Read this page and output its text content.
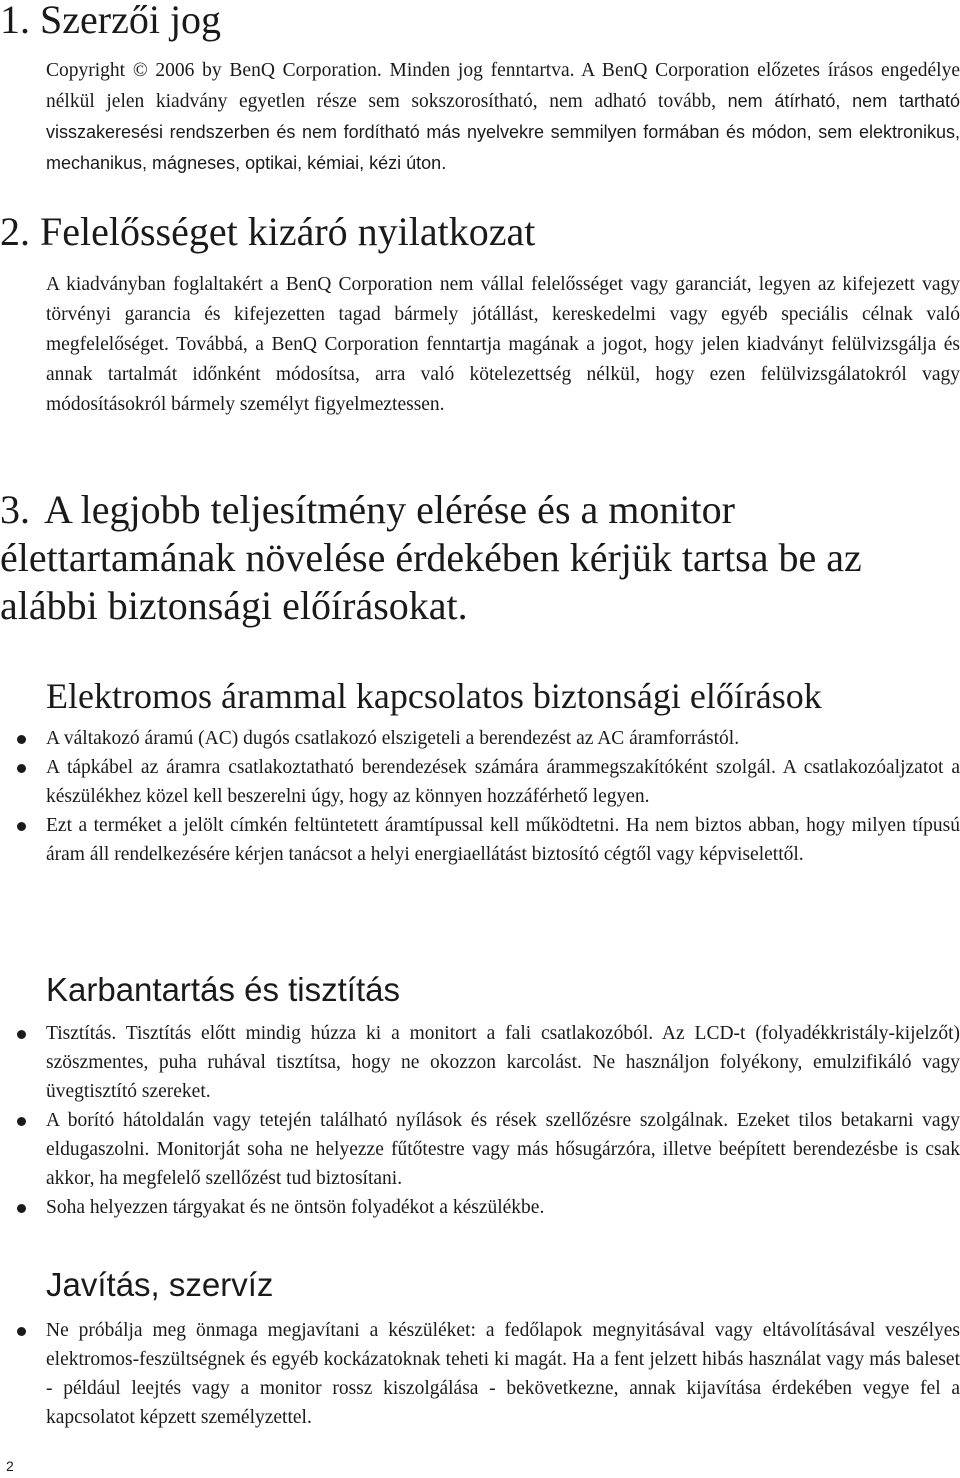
1. Szerzői jog

Copyright © 2006 by BenQ Corporation. Minden jog fenntartva. A BenQ Corporation előzetes írásos engedélye nélkül jelen kiadvány egyetlen része sem sokszorosítható, nem adható tovább, nem átírható, nem tartható visszakeresési rendszerben és nem fordítható más nyelvekre semmilyen formában és módon, sem elektronikus, mechanikus, mágneses, optikai, kémiai, kézi úton.

2. Felelősséget kizáró nyilatkozat

A kiadványban foglaltakért a BenQ Corporation nem vállal felelősséget vagy garanciát, legyen az kifejezett vagy törvényi garancia és kifejezetten tagad bármely jótállást, kereskedelmi vagy egyéb speciális célnak való megfelelőséget. Továbbá, a BenQ Corporation fenntartja magának a jogot, hogy jelen kiadványt felülvizsgálja és annak tartalmát időnként módosítsa, arra való kötelezettség nélkül, hogy ezen felülvizsgálatokról vagy módosításokról bármely személyt figyelmeztessen.

3. A legjobb teljesítmény elérése és a monitor élettartamának növelése érdekében kérjük tartsa be az alábbi biztonsági előírásokat.
Elektromos árammal kapcsolatos biztonsági előírások
A váltakozó áramú (AC) dugós csatlakozó elszigeteli a berendezést az AC áramforrástól.
A tápkábel az áramra csatlakoztatható berendezések számára árammegszakítóként szolgál. A csatlakozóaljzatot a készülékhez közel kell beszerelni úgy, hogy az könnyen hozzáférhető legyen.
Ezt a terméket a jelölt címkén feltüntetett áramtípussal kell működtetni. Ha nem biztos abban, hogy milyen típusú áram áll rendelkezésére kérjen tanácsot a helyi energiaellátást biztosító cégtől vagy képviselettől.
Karbantartás és tisztítás
Tisztítás. Tisztítás előtt mindig húzza ki a monitort a fali csatlakozóból. Az LCD-t (folyadékkristály-kijelzőt) szöszmentes, puha ruhával tisztítsa, hogy ne okozzon karcolást. Ne használjon folyékony, emulzifikáló vagy üvegtisztító szereket.
A borító hátoldalán vagy tetején található nyílások és rések szellőzésre szolgálnak. Ezeket tilos betakarni vagy eldugaszolni. Monitorját soha ne helyezze fűtőtestre vagy más hősugárzóra, illetve beépített berendezésbe is csak akkor, ha megfelelő szellőzést tud biztosítani.
Soha helyezzen tárgyakat és ne öntsön folyadékot a készülékbe.
Javítás, szervíz
Ne próbálja meg önmaga megjavítani a készüléket: a fedőlapok megnyitásával vagy eltávolításával veszélyes elektromos-feszültségnek és egyéb kockázatoknak teheti ki magát. Ha a fent jelzett hibás használat vagy más baleset - például leejtés vagy a monitor rossz kiszolgálása - bekövetkezne, annak kijavítása érdekében vegye fel a kapcsolatot képzett személyzettel.
2
